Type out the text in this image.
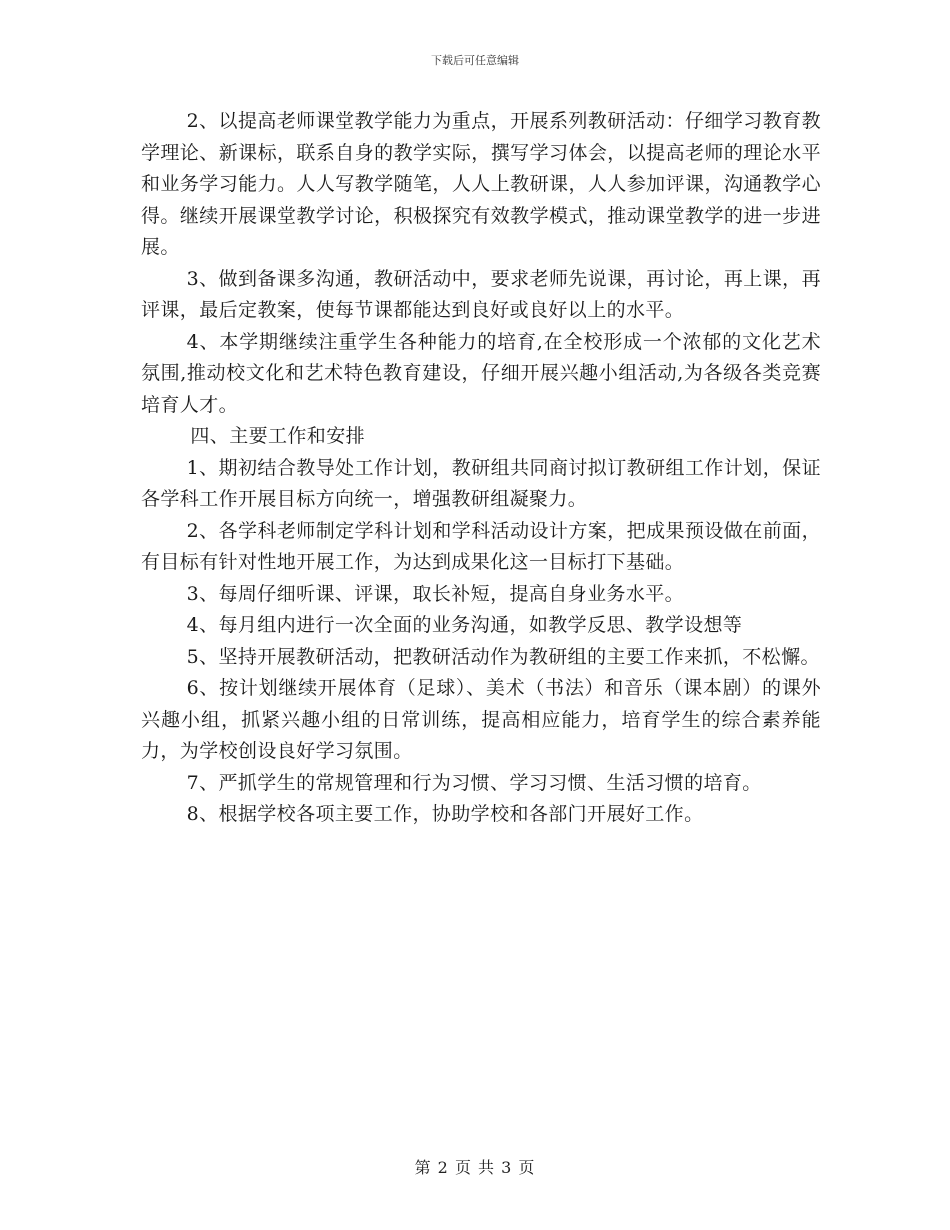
下载后可任意编辑

2、以提高老师课堂教学能力为重点，开展系列教研活动：仔细学习教育教学理论、新课标，联系自身的教学实际，撰写学习体会，以提高老师的理论水平和业务学习能力。人人写教学随笔，人人上教研课，人人参加评课，沟通教学心得。继续开展课堂教学讨论，积极探究有效教学模式，推动课堂教学的进一步进展。

3、做到备课多沟通，教研活动中，要求老师先说课，再讨论，再上课，再评课，最后定教案，使每节课都能达到良好或良好以上的水平。

4、本学期继续注重学生各种能力的培育,在全校形成一个浓郁的文化艺术氛围,推动校文化和艺术特色教育建设，仔细开展兴趣小组活动,为各级各类竞赛培育人才。

四、主要工作和安排

1、期初结合教导处工作计划，教研组共同商讨拟订教研组工作计划，保证各学科工作开展目标方向统一，增强教研组凝聚力。

2、各学科老师制定学科计划和学科活动设计方案，把成果预设做在前面，有目标有针对性地开展工作，为达到成果化这一目标打下基础。

3、每周仔细听课、评课，取长补短，提高自身业务水平。

4、每月组内进行一次全面的业务沟通，如教学反思、教学设想等

5、坚持开展教研活动，把教研活动作为教研组的主要工作来抓，不松懈。

6、按计划继续开展体育（足球）、美术（书法）和音乐（课本剧）的课外兴趣小组，抓紧兴趣小组的日常训练，提高相应能力，培育学生的综合素养能力，为学校创设良好学习氛围。

7、严抓学生的常规管理和行为习惯、学习习惯、生活习惯的培育。

8、根据学校各项主要工作，协助学校和各部门开展好工作。

第 2 页 共 3 页
